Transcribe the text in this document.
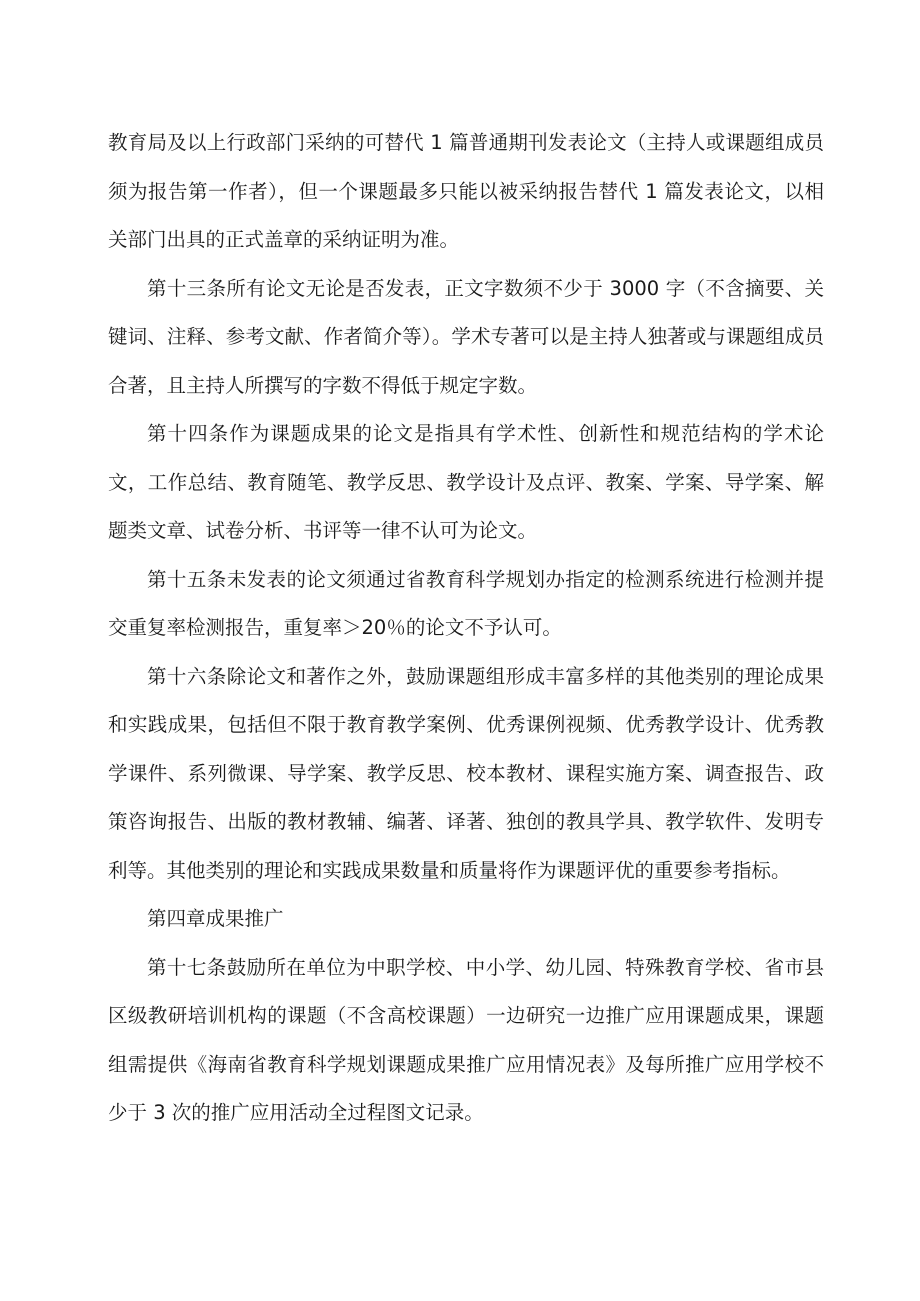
教育局及以上行政部门采纳的可替代 1 篇普通期刊发表论文（主持人或课题组成员须为报告第一作者），但一个课题最多只能以被采纳报告替代 1 篇发表论文，以相关部门出具的正式盖章的采纳证明为准。

第十三条所有论文无论是否发表，正文字数须不少于 3000 字（不含摘要、关键词、注释、参考文献、作者简介等）。学术专著可以是主持人独著或与课题组成员合著，且主持人所撰写的字数不得低于规定字数。

第十四条作为课题成果的论文是指具有学术性、创新性和规范结构的学术论文，工作总结、教育随笔、教学反思、教学设计及点评、教案、学案、导学案、解题类文章、试卷分析、书评等一律不认可为论文。

第十五条未发表的论文须通过省教育科学规划办指定的检测系统进行检测并提交重复率检测报告，重复率＞20％的论文不予认可。

第十六条除论文和著作之外，鼓励课题组形成丰富多样的其他类别的理论成果和实践成果，包括但不限于教育教学案例、优秀课例视频、优秀教学设计、优秀教学课件、系列微课、导学案、教学反思、校本教材、课程实施方案、调查报告、政策咨询报告、出版的教材教辅、编著、译著、独创的教具学具、教学软件、发明专利等。其他类别的理论和实践成果数量和质量将作为课题评优的重要参考指标。

第四章成果推广

第十七条鼓励所在单位为中职学校、中小学、幼儿园、特殊教育学校、省市县区级教研培训机构的课题（不含高校课题）一边研究一边推广应用课题成果，课题组需提供《海南省教育科学规划课题成果推广应用情况表》及每所推广应用学校不少于 3 次的推广应用活动全过程图文记录。
